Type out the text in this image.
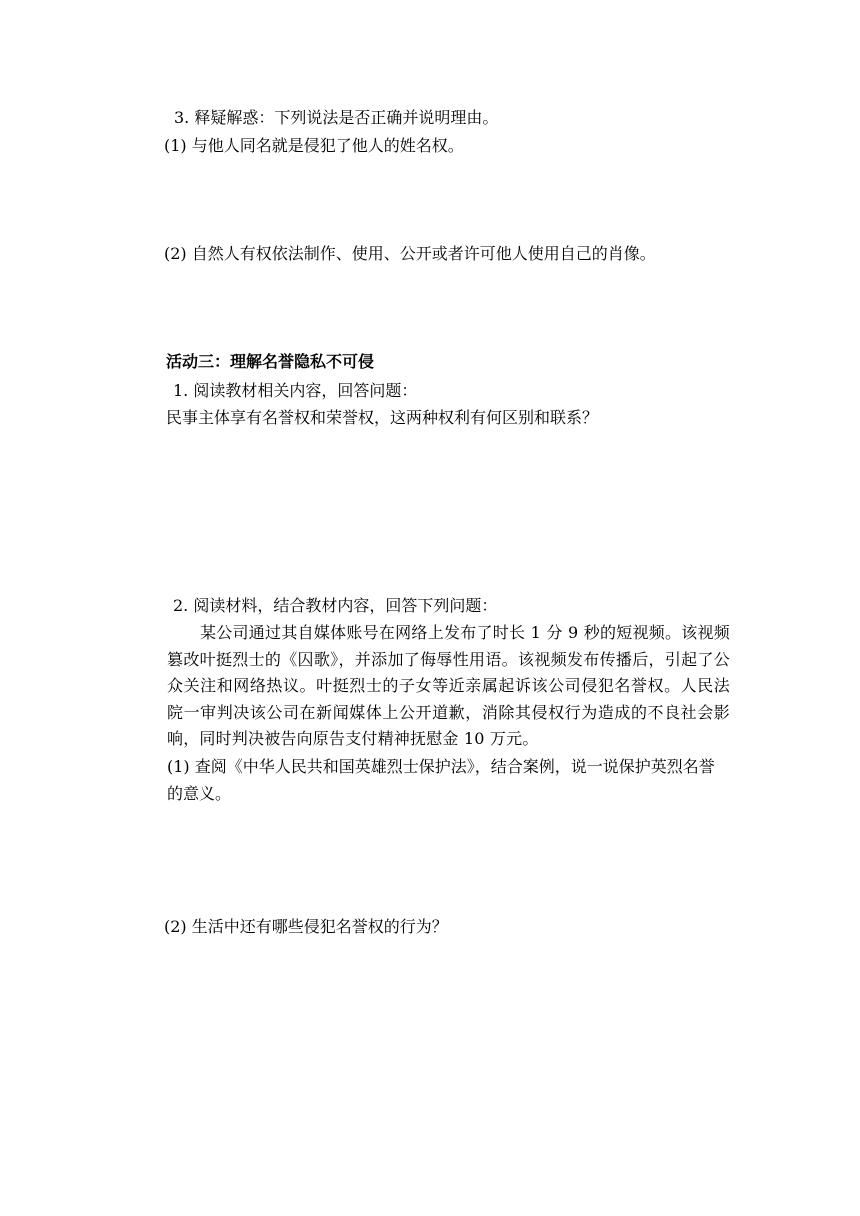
3. 释疑解惑：下列说法是否正确并说明理由。
(1) 与他人同名就是侵犯了他人的姓名权。
(2) 自然人有权依法制作、使用、公开或者许可他人使用自己的肖像。
活动三：理解名誉隐私不可侵
1. 阅读教材相关内容，回答问题：
民事主体享有名誉权和荣誉权，这两种权利有何区别和联系？
2. 阅读材料，结合教材内容，回答下列问题：
某公司通过其自媒体账号在网络上发布了时长 1 分 9 秒的短视频。该视频篡改叶挺烈士的《囚歌》，并添加了侮辱性用语。该视频发布传播后，引起了公众关注和网络热议。叶挺烈士的子女等近亲属起诉该公司侵犯名誉权。人民法院一审判决该公司在新闻媒体上公开道歉，消除其侵权行为造成的不良社会影响，同时判决被告向原告支付精神抚慰金 10 万元。
(1) 查阅《中华人民共和国英雄烈士保护法》，结合案例，说一说保护英烈名誉的意义。
(2) 生活中还有哪些侵犯名誉权的行为？
